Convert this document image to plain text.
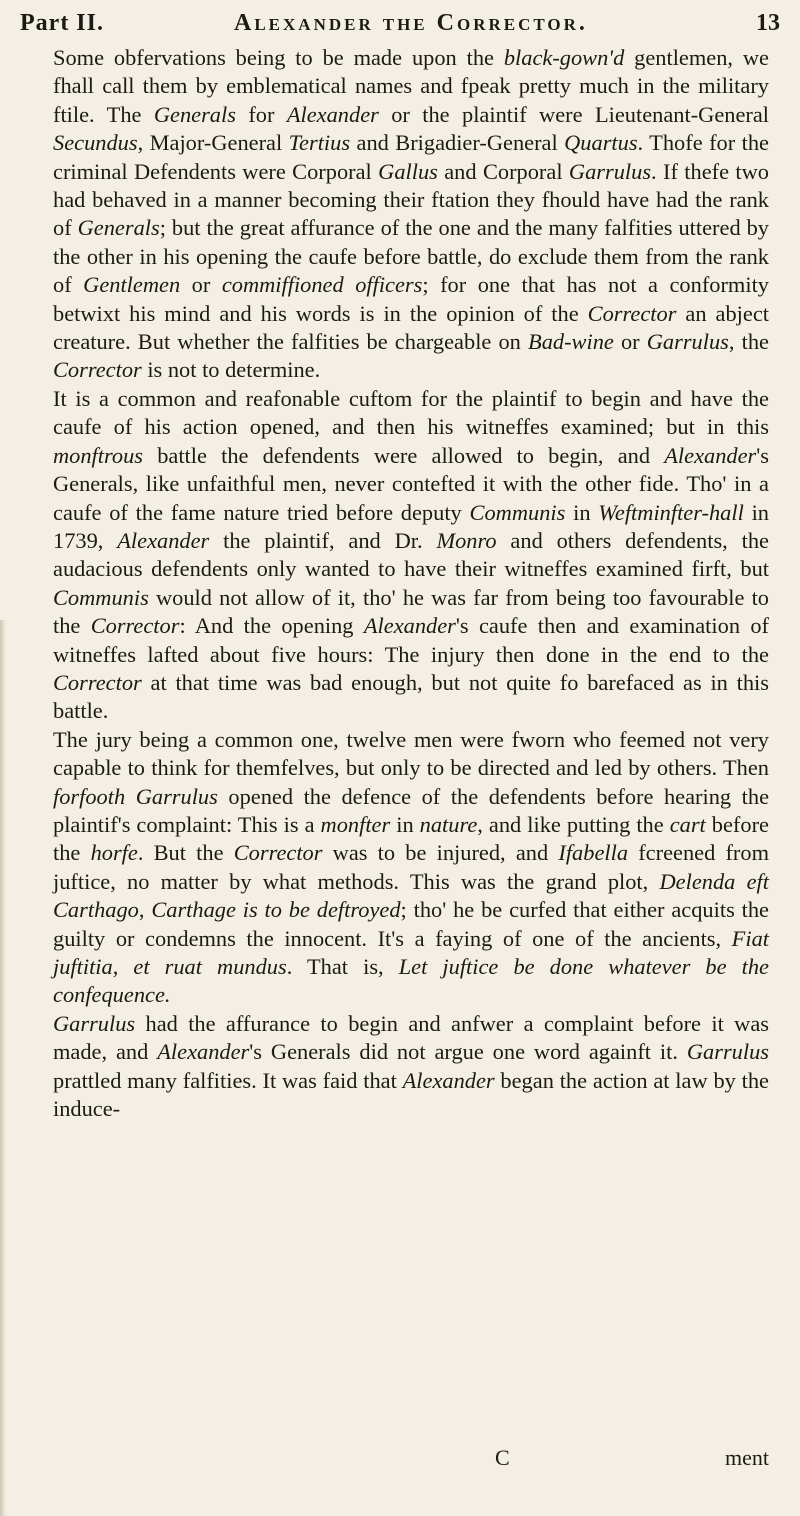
Part II.	Alexander the Corrector.	13

Some obfervations being to be made upon the black-gown'd gentlemen, we fhall call them by emblematical names and fpeak pretty much in the military ftile. The Generals for Alexander or the plaintif were Lieutenant-General Secundus, Major-General Tertius and Brigadier-General Quartus. Thofe for the criminal Defendents were Corporal Gallus and Corporal Garrulus. If thefe two had behaved in a manner becoming their ftation they fhould have had the rank of Generals; but the great affurance of the one and the many falfities uttered by the other in his opening the caufe before battle, do exclude them from the rank of Gentlemen or commiffioned officers; for one that has not a conformity betwixt his mind and his words is in the opinion of the Corrector an abject creature. But whether the falfities be chargeable on Bad-wine or Garrulus, the Corrector is not to determine.

It is a common and reafonable cuftom for the plaintif to begin and have the caufe of his action opened, and then his witneffes examined; but in this monftrous battle the defendents were allowed to begin, and Alexander's Generals, like unfaithful men, never contefted it with the other fide. Tho' in a caufe of the fame nature tried before deputy Communis in Weftminfter-hall in 1739, Alexander the plaintif, and Dr. Monro and others defendents, the audacious defendents only wanted to have their witneffes examined firft, but Communis would not allow of it, tho' he was far from being too favourable to the Corrector: And the opening Alexander's caufe then and examination of witneffes lafted about five hours: The injury then done in the end to the Corrector at that time was bad enough, but not quite fo barefaced as in this battle.

The jury being a common one, twelve men were fworn who feemed not very capable to think for themfelves, but only to be directed and led by others. Then forfooth Garrulus opened the defence of the defendents before hearing the plaintif's complaint: This is a monfter in nature, and like putting the cart before the horfe. But the Corrector was to be injured, and Ifabella fcreened from juftice, no matter by what methods. This was the grand plot, Delenda eft Carthago, Carthage is to be deftroyed; tho' he be curfed that either acquits the guilty or condemns the innocent. It's a faying of one of the ancients, Fiat juftitia, et ruat mundus. That is, Let juftice be done whatever be the confequence.

Garrulus had the affurance to begin and anfwer a complaint before it was made, and Alexander's Generals did not argue one word againft it. Garrulus prattled many falfities. It was faid that Alexander began the action at law by the induce-

C	ment
